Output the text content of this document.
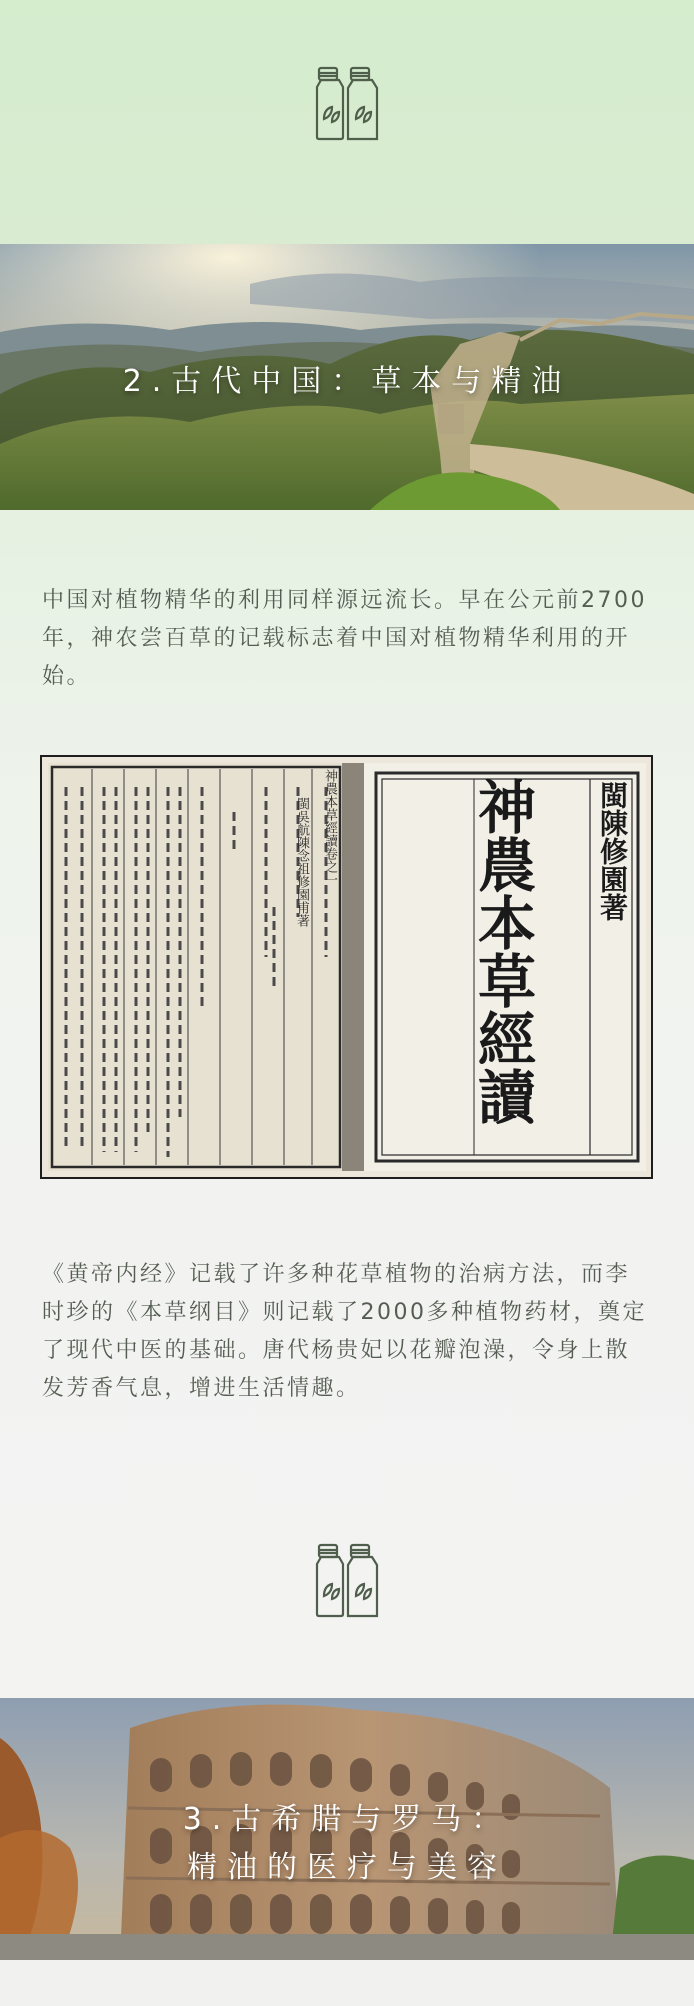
2.古代中国：草本与精油
中国对植物精华的利用同样源远流长。早在公元前2700年，神农尝百草的记载标志着中国对植物精华利用的开始。
神農本草經讀 閩陳修園著
神農本草經讀卷之一
閩吳航陳念祖修園甫著
《黄帝内经》记载了许多种花草植物的治病方法，而李时珍的《本草纲目》则记载了2000多种植物药材，奠定了现代中医的基础。唐代杨贵妃以花瓣泡澡，令身上散发芳香气息，增进生活情趣。
3.古希腊与罗马：
精油的医疗与美容
